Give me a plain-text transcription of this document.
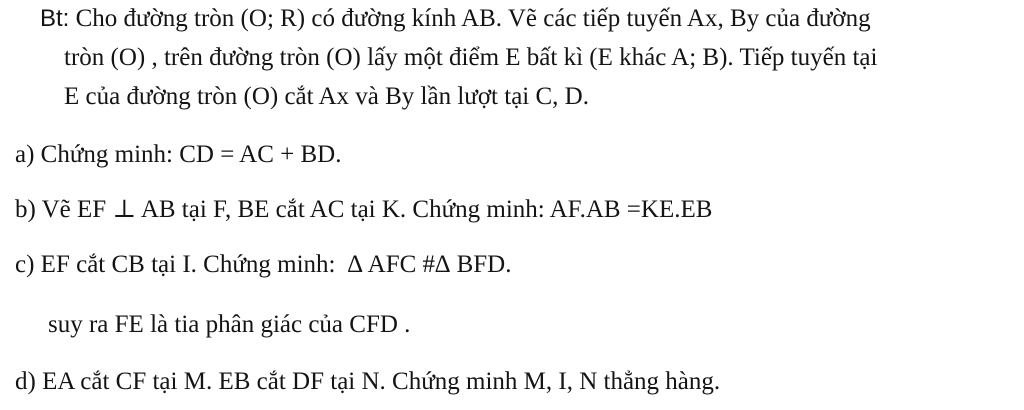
Bt: Cho đường tròn (O; R) có đường kính AB. Vẽ các tiếp tuyến Ax, By của đường
tròn (O) , trên đường tròn (O) lấy một điểm E bất kì (E khác A; B). Tiếp tuyến tại
E của đường tròn (O) cắt Ax và By lần lượt tại C, D.
a) Chứng minh: CD = AC + BD.
b) Vẽ EF ⊥ AB tại F, BE cắt AC tại K. Chứng minh: AF.AB =KE.EB
c) EF cắt CB tại I. Chứng minh: ∆ AFC #∆ BFD.
suy ra FE là tia phân giác của CFD .
d) EA cắt CF tại M. EB cắt DF tại N. Chứng minh M, I, N thẳng hàng.
